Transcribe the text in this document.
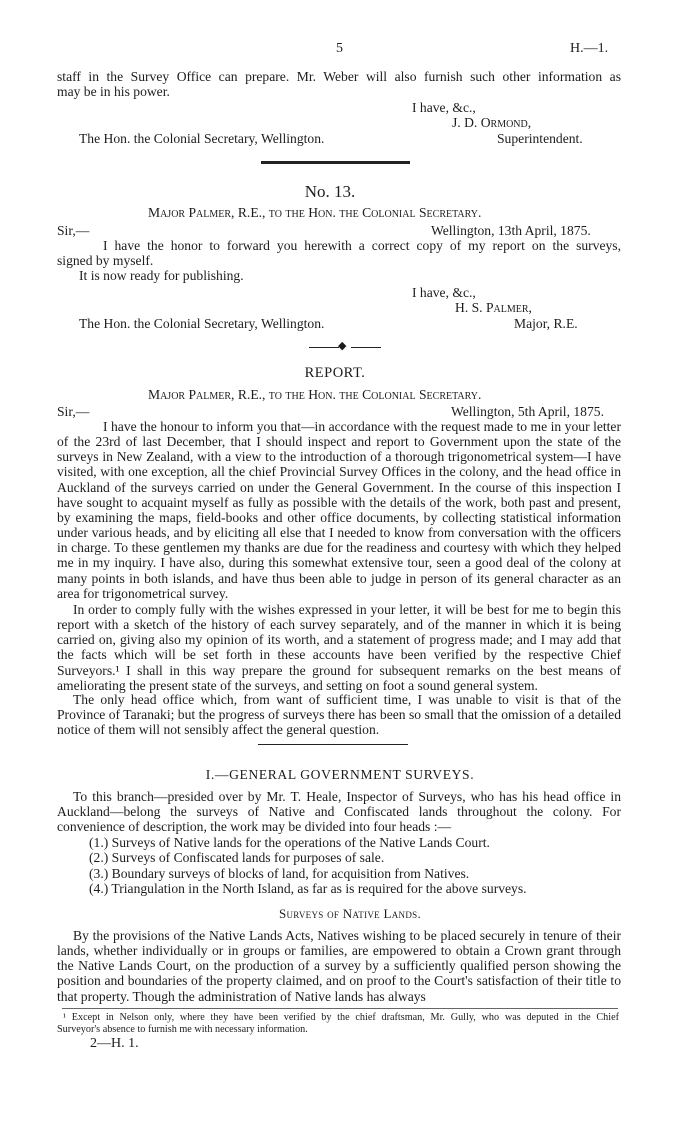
5	H.—1.
staff in the Survey Office can prepare. Mr. Weber will also furnish such other information as
may be in his power.
I have, &c.,
J. D. Ormond,
The Hon. the Colonial Secretary, Wellington.	Superintendent.
No. 13.
Major Palmer, R.E., to the Hon. the Colonial Secretary.
Sir,—	Wellington, 13th April, 1875.
I have the honor to forward you herewith a correct copy of my report on the surveys,
signed by myself.
It is now ready for publishing.
I have, &c.,
H. S. Palmer,
The Hon. the Colonial Secretary, Wellington.	Major, R.E.
◆
REPORT.
Major Palmer, R.E., to the Hon. the Colonial Secretary.
Sir,—	Wellington, 5th April, 1875.
I have the honour to inform you that—in accordance with the request made to me in your letter of the 23rd of last December, that I should inspect and report to Government upon the state of the surveys in New Zealand, with a view to the introduction of a thorough trigonometrical system—I have visited, with one exception, all the chief Provincial Survey Offices in the colony, and the head office in Auckland of the surveys carried on under the General Government. In the course of this inspection I have sought to acquaint myself as fully as possible with the details of the work, both past and present, by examining the maps, field-books and other office documents, by collecting statistical information under various heads, and by eliciting all else that I needed to know from conversation with the officers in charge. To these gentlemen my thanks are due for the readiness and courtesy with which they helped me in my inquiry. I have also, during this somewhat extensive tour, seen a good deal of the colony at many points in both islands, and have thus been able to judge in person of its general character as an area for trigonometrical survey.
In order to comply fully with the wishes expressed in your letter, it will be best for me to begin this report with a sketch of the history of each survey separately, and of the manner in which it is being carried on, giving also my opinion of its worth, and a statement of progress made; and I may add that the facts which will be set forth in these accounts have been verified by the respective Chief Surveyors.¹ I shall in this way prepare the ground for subsequent remarks on the best means of ameliorating the present state of the surveys, and setting on foot a sound general system.
The only head office which, from want of sufficient time, I was unable to visit is that of the Province of Taranaki; but the progress of surveys there has been so small that the omission of a detailed notice of them will not sensibly affect the general question.
I.—GENERAL GOVERNMENT SURVEYS.
To this branch—presided over by Mr. T. Heale, Inspector of Surveys, who has his head office in Auckland—belong the surveys of Native and Confiscated lands throughout the colony. For convenience of description, the work may be divided into four heads :—
(1.) Surveys of Native lands for the operations of the Native Lands Court.
(2.) Surveys of Confiscated lands for purposes of sale.
(3.) Boundary surveys of blocks of land, for acquisition from Natives.
(4.) Triangulation in the North Island, as far as is required for the above surveys.
Surveys of Native Lands.
By the provisions of the Native Lands Acts, Natives wishing to be placed securely in tenure of their lands, whether individually or in groups or families, are empowered to obtain a Crown grant through the Native Lands Court, on the production of a survey by a sufficiently qualified person showing the position and boundaries of the property claimed, and on proof to the Court's satisfaction of their title to that property. Though the administration of Native lands has always
¹ Except in Nelson only, where they have been verified by the chief draftsman, Mr. Gully, who was deputed in the Chief
Surveyor's absence to furnish me with necessary information.
2—H. 1.
